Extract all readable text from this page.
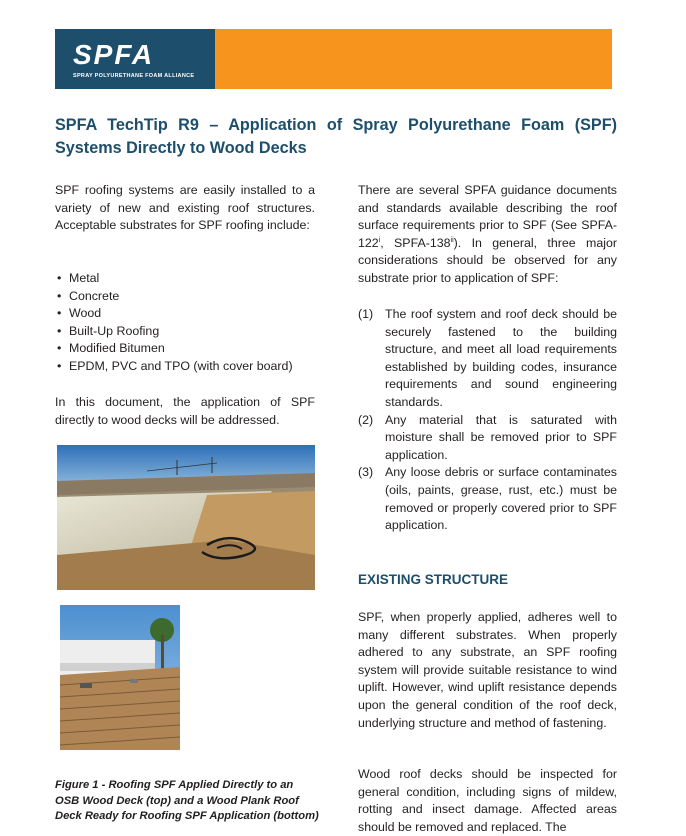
SPFA
SPRAY POLYURETHANE FOAM ALLIANCE
SPFA TechTip R9 – Application of Spray Polyurethane Foam (SPF) Systems Directly to Wood Decks

SPF roofing systems are easily installed to a variety of new and existing roof structures. Acceptable substrates for SPF roofing include:

• Metal
• Concrete
• Wood
• Built-Up Roofing
• Modified Bitumen
• EPDM, PVC and TPO (with cover board)

In this document, the application of SPF directly to wood decks will be addressed.

Figure 1 - Roofing SPF Applied Directly to an OSB Wood Deck (top) and a Wood Plank Roof Deck Ready for Roofing SPF Application (bottom)

There are several SPFA guidance documents and standards available describing the roof surface requirements prior to SPF (See SPFA-122$^i$, SPFA-138$^{ii}$). In general, three major considerations should be observed for any substrate prior to application of SPF:

(1) The roof system and roof deck should be securely fastened to the building structure, and meet all load requirements established by building codes, insurance requirements and sound engineering standards.
(2) Any material that is saturated with moisture shall be removed prior to SPF application.
(3) Any loose debris or surface contaminates (oils, paints, grease, rust, etc.) must be removed or properly covered prior to SPF application.
EXISTING STRUCTURE

SPF, when properly applied, adheres well to many different substrates. When properly adhered to any substrate, an SPF roofing system will provide suitable resistance to wind uplift. However, wind uplift resistance depends upon the general condition of the roof deck, underlying structure and method of fastening.

Wood roof decks should be inspected for general condition, including signs of mildew, rotting and insect damage. Affected areas should be removed and replaced. The
